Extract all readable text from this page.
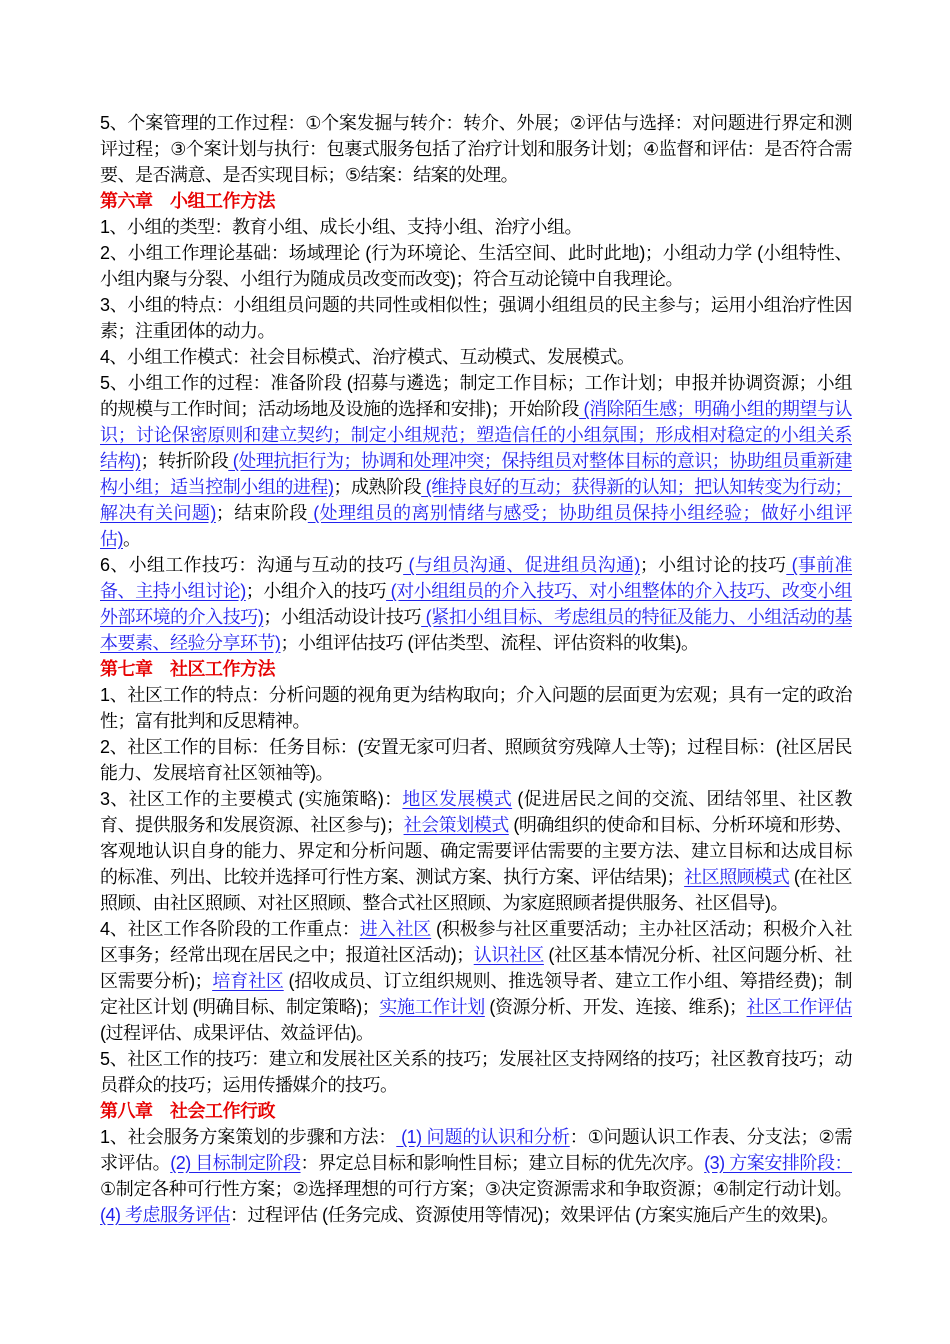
5、个案管理的工作过程：①个案发掘与转介：转介、外展；②评估与选择：对问题进行界定和测评过程；③个案计划与执行：包裹式服务包括了治疗计划和服务计划；④监督和评估：是否符合需要、是否满意、是否实现目标；⑤结案：结案的处理。

第六章　小组工作方法

1、小组的类型：教育小组、成长小组、支持小组、治疗小组。

2、小组工作理论基础：场域理论 (行为环境论、生活空间、此时此地)；小组动力学 (小组特性、小组内聚与分裂、小组行为随成员改变而改变)；符合互动论镜中自我理论。

3、小组的特点：小组组员问题的共同性或相似性；强调小组组员的民主参与；运用小组治疗性因素；注重团体的动力。

4、小组工作模式：社会目标模式、治疗模式、互动模式、发展模式。

5、小组工作的过程：准备阶段 (招募与遴选；制定工作目标；工作计划；申报并协调资源；小组的规模与工作时间；活动场地及设施的选择和安排)；开始阶段 (消除陌生感；明确小组的期望与认识；讨论保密原则和建立契约；制定小组规范；塑造信任的小组氛围；形成相对稳定的小组关系结构)；转折阶段 (处理抗拒行为；协调和处理冲突；保持组员对整体目标的意识；协助组员重新建构小组；适当控制小组的进程)；成熟阶段 (维持良好的互动；获得新的认知；把认知转变为行动；解决有关问题)；结束阶段 (处理组员的离别情绪与感受；协助组员保持小组经验；做好小组评估)。

6、小组工作技巧：沟通与互动的技巧 (与组员沟通、促进组员沟通)；小组讨论的技巧 (事前准备、主持小组讨论)；小组介入的技巧 (对小组组员的介入技巧、对小组整体的介入技巧、改变小组外部环境的介入技巧)；小组活动设计技巧 (紧扣小组目标、考虑组员的特征及能力、小组活动的基本要素、经验分享环节)；小组评估技巧 (评估类型、流程、评估资料的收集)。

第七章　社区工作方法

1、社区工作的特点：分析问题的视角更为结构取向；介入问题的层面更为宏观；具有一定的政治性；富有批判和反思精神。

2、社区工作的目标：任务目标：(安置无家可归者、照顾贫穷残障人士等)；过程目标：(社区居民能力、发展培育社区领袖等)。

3、社区工作的主要模式 (实施策略)：地区发展模式 (促进居民之间的交流、团结邻里、社区教育、提供服务和发展资源、社区参与)；社会策划模式 (明确组织的使命和目标、分析环境和形势、客观地认识自身的能力、界定和分析问题、确定需要评估需要的主要方法、建立目标和达成目标的标准、列出、比较并选择可行性方案、测试方案、执行方案、评估结果)；社区照顾模式 (在社区照顾、由社区照顾、对社区照顾、整合式社区照顾、为家庭照顾者提供服务、社区倡导)。

4、社区工作各阶段的工作重点：进入社区 (积极参与社区重要活动；主办社区活动；积极介入社区事务；经常出现在居民之中；报道社区活动)；认识社区 (社区基本情况分析、社区问题分析、社区需要分析)；培育社区 (招收成员、订立组织规则、推选领导者、建立工作小组、筹措经费)；制定社区计划 (明确目标、制定策略)；实施工作计划 (资源分析、开发、连接、维系)；社区工作评估 (过程评估、成果评估、效益评估)。

5、社区工作的技巧：建立和发展社区关系的技巧；发展社区支持网络的技巧；社区教育技巧；动员群众的技巧；运用传播媒介的技巧。

第八章　社会工作行政

1、社会服务方案策划的步骤和方法： (1) 问题的认识和分析：①问题认识工作表、分支法；②需求评估。(2) 目标制定阶段：界定总目标和影响性目标；建立目标的优先次序。(3) 方案安排阶段：①制定各种可行性方案；②选择理想的可行方案；③决定资源需求和争取资源；④制定行动计划。 (4) 考虑服务评估：过程评估 (任务完成、资源使用等情况)；效果评估 (方案实施后产生的效果)。
